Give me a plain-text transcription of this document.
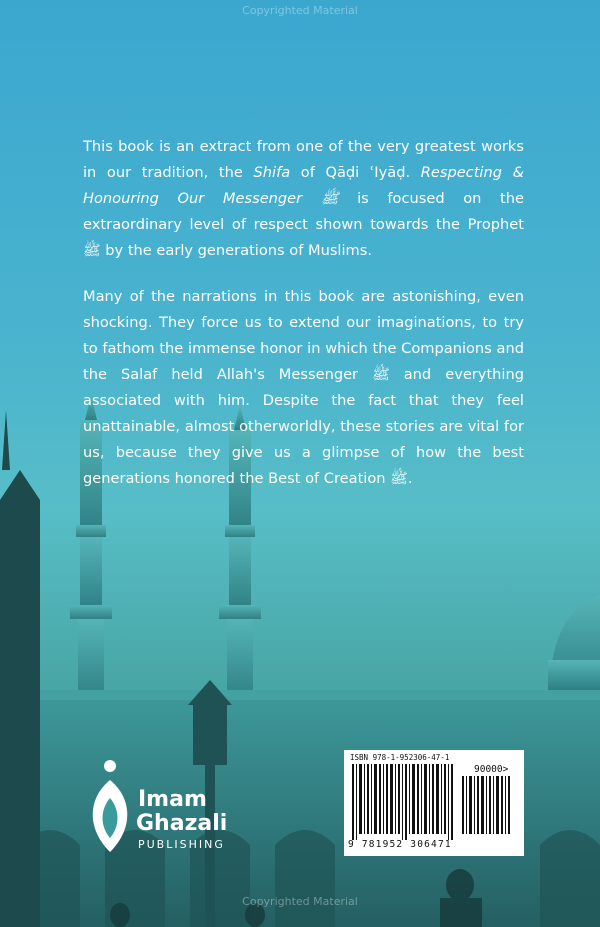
Copyrighted Material

This book is an extract from one of the very greatest works in our tradition, the Shifa of Qāḍi ʿIyāḍ. Respecting & Honouring Our Messenger ﷺ is focused on the extraordinary level of respect shown towards the Prophet ﷺ by the early generations of Muslims.

Many of the narrations in this book are astonishing, even shocking. They force us to extend our imaginations, to try to fathom the immense honor in which the Companions and the Salaf held Allah's Messenger ﷺ and everything associated with him. Despite the fact that they feel unattainable, almost otherworldly, these stories are vital for us, because they give us a glimpse of how the best generations honored the Best of Creation ﷺ.

Imam
Ghazali
PUBLISHING
ISBN 978-1-952306-47-1
90000>
9 781952 306471
Copyrighted Material
